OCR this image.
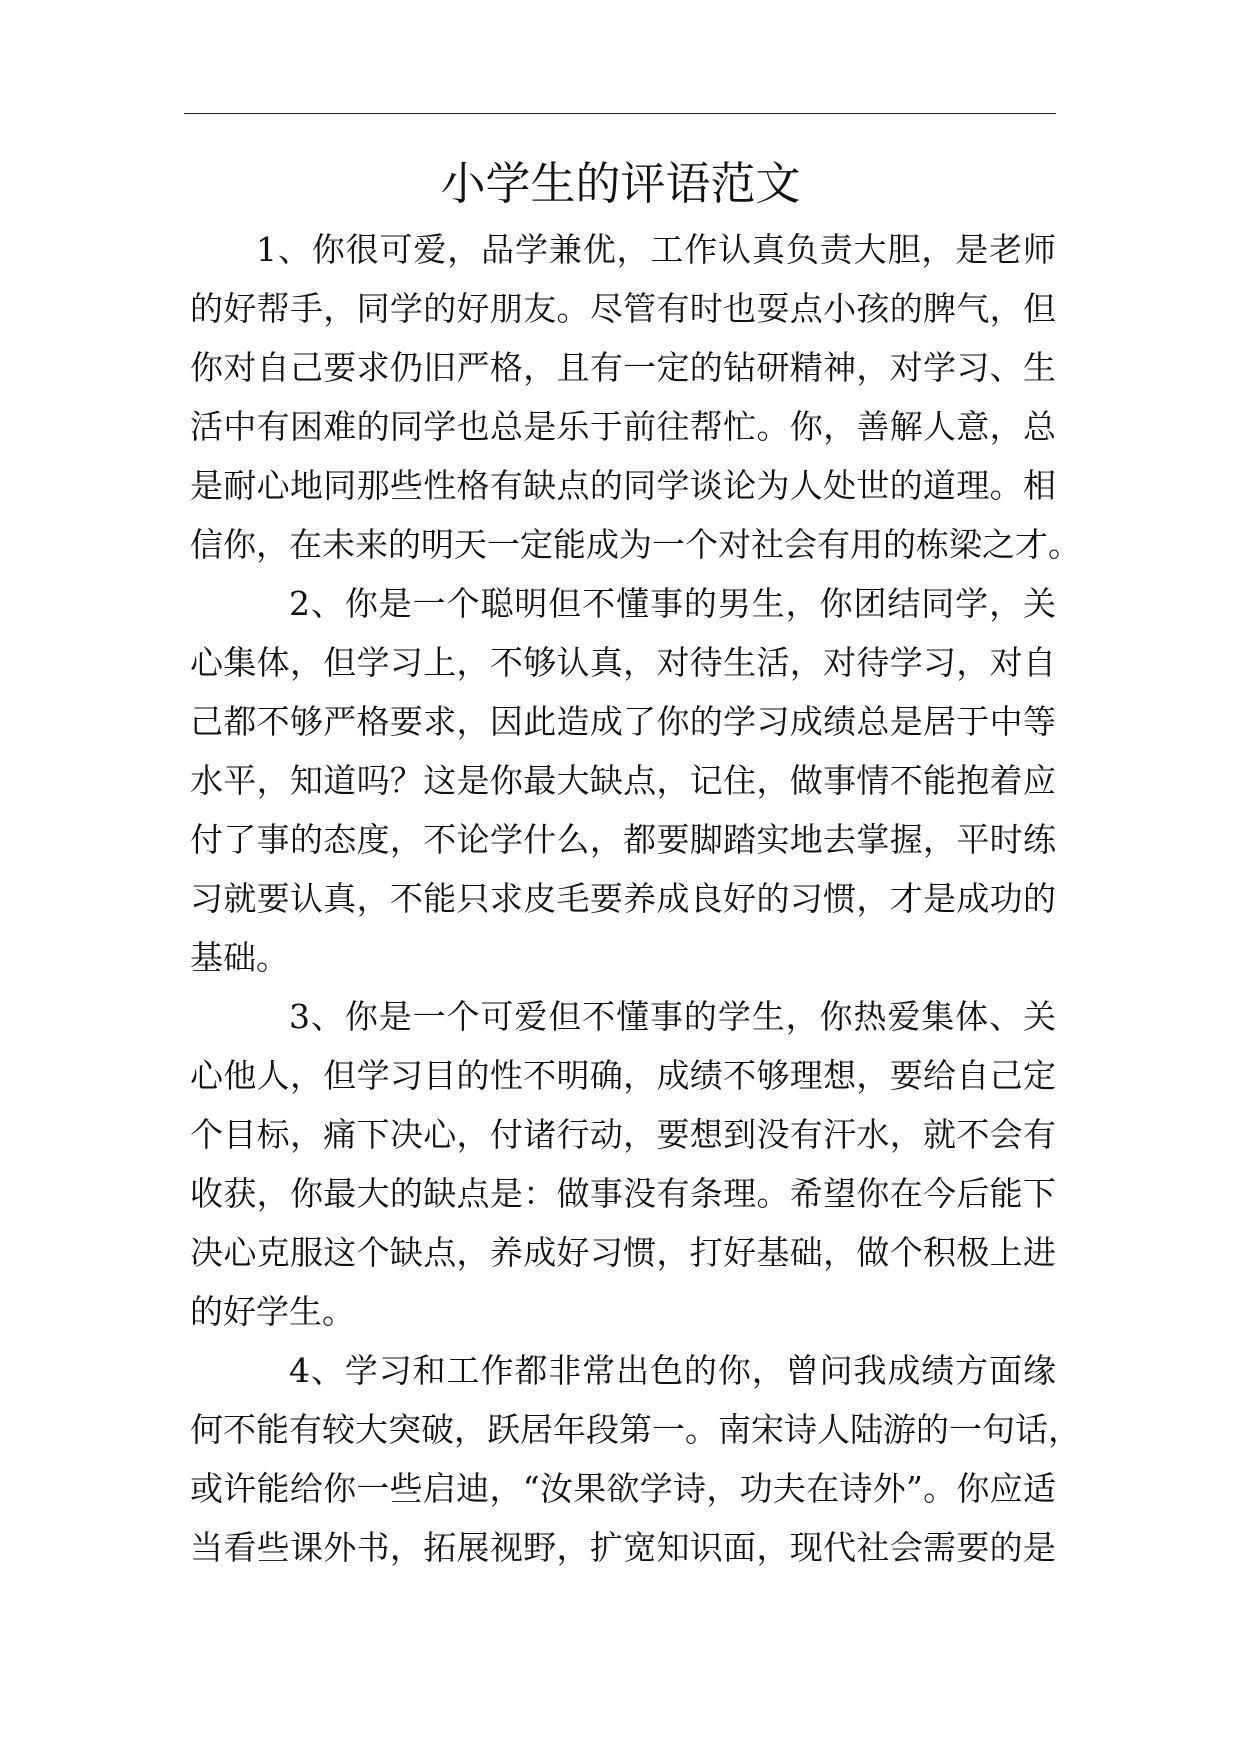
小学生的评语范文
1、你很可爱，品学兼优，工作认真负责大胆，是老师
的好帮手，同学的好朋友。尽管有时也耍点小孩的脾气，但
你对自己要求仍旧严格，且有一定的钻研精神，对学习、生
活中有困难的同学也总是乐于前往帮忙。你，善解人意，总
是耐心地同那些性格有缺点的同学谈论为人处世的道理。相
信你，在未来的明天一定能成为一个对社会有用的栋梁之才。
2、你是一个聪明但不懂事的男生，你团结同学，关
心集体，但学习上，不够认真，对待生活，对待学习，对自
己都不够严格要求，因此造成了你的学习成绩总是居于中等
水平，知道吗？这是你最大缺点，记住，做事情不能抱着应
付了事的态度，不论学什么，都要脚踏实地去掌握，平时练
习就要认真，不能只求皮毛要养成良好的习惯，才是成功的
基础。
3、你是一个可爱但不懂事的学生，你热爱集体、关
心他人，但学习目的性不明确，成绩不够理想，要给自己定
个目标，痛下决心，付诸行动，要想到没有汗水，就不会有
收获，你最大的缺点是：做事没有条理。希望你在今后能下
决心克服这个缺点，养成好习惯，打好基础，做个积极上进
的好学生。
4、学习和工作都非常出色的你，曾问我成绩方面缘
何不能有较大突破，跃居年段第一。南宋诗人陆游的一句话，
或许能给你一些启迪，“汝果欲学诗，功夫在诗外”。你应适
当看些课外书，拓展视野，扩宽知识面，现代社会需要的是
